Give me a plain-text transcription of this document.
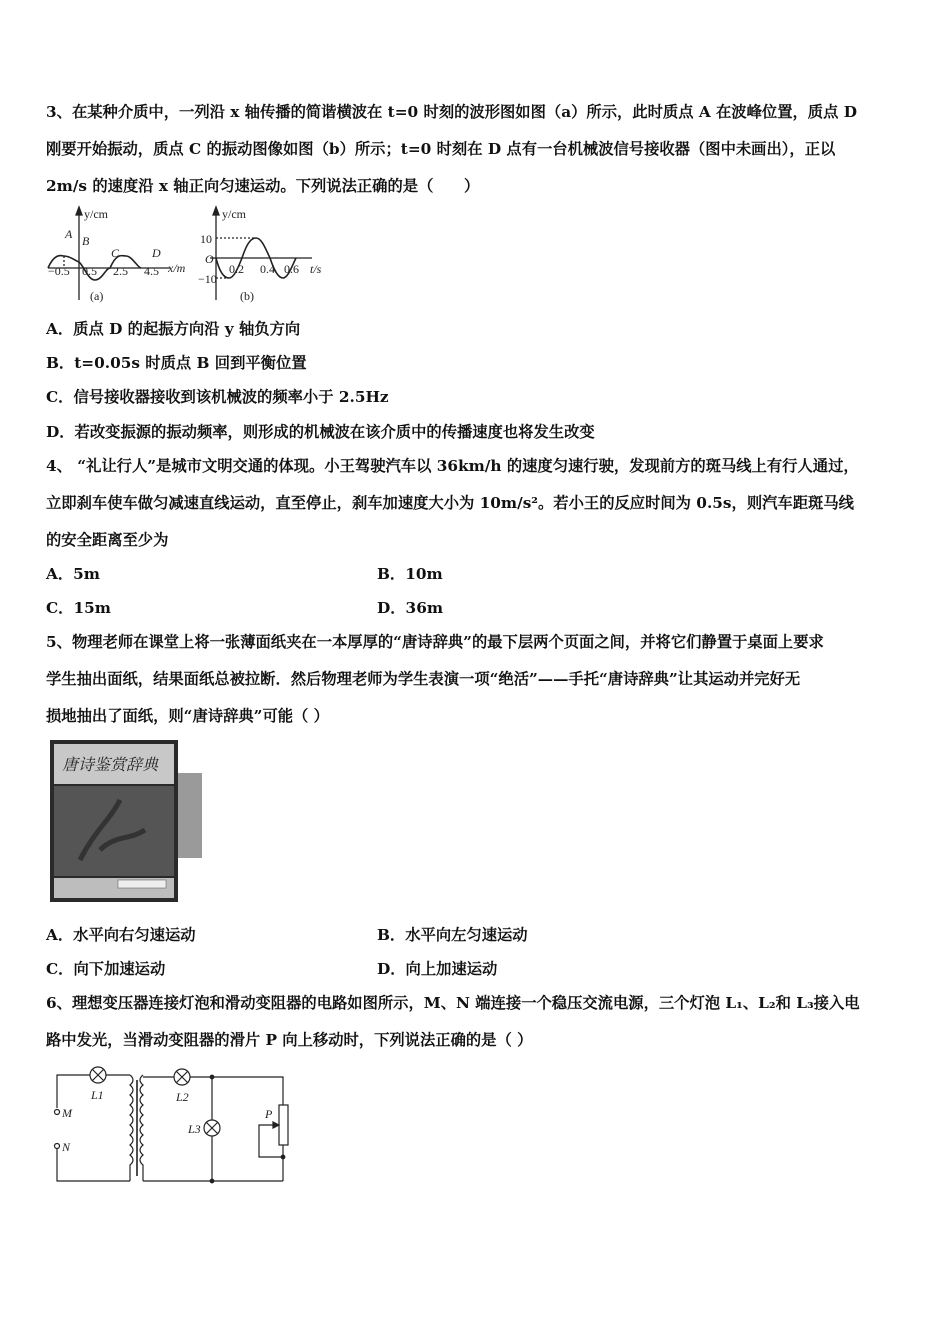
3、在某种介质中，一列沿 x 轴传播的简谐横波在 t=0 时刻的波形图如图（a）所示，此时质点 A 在波峰位置，质点 D
刚要开始振动，质点 C 的振动图像如图（b）所示；t=0 时刻在 D 点有一台机械波信号接收器（图中未画出），正以
2m/s 的速度沿 x 轴正向匀速运动。下列说法正确的是（　　）
y/cm
x/m
−0.5 0.5 2.5 4.5
A B
C	D
(a)
y/cm
10
O
−10
0.2 0.4 0.6 t/s
(b)
唐诗鉴赏辞典
L1	L2
L3
M
N
P
A．质点 D 的起振方向沿 y 轴负方向
B．t=0.05s 时质点 B 回到平衡位置
C．信号接收器接收到该机械波的频率小于 2.5Hz
D．若改变振源的振动频率，则形成的机械波在该介质中的传播速度也将发生改变
4、 “礼让行人”是城市文明交通的体现。小王驾驶汽车以 36km/h 的速度匀速行驶，发现前方的斑马线上有行人通过，
立即刹车使车做匀减速直线运动，直至停止，刹车加速度大小为 10m/s²。若小王的反应时间为 0.5s，则汽车距斑马线
的安全距离至少为
A．5m	B．10m
C．15m	D．36m
5、物理老师在课堂上将一张薄面纸夹在一本厚厚的“唐诗辞典”的最下层两个页面之间，并将它们静置于桌面上要求
学生抽出面纸，结果面纸总被拉断．然后物理老师为学生表演一项“绝活”——手托“唐诗辞典”让其运动并完好无
损地抽出了面纸，则“唐诗辞典”可能（ ）
A．水平向右匀速运动	B．水平向左匀速运动
C．向下加速运动	D．向上加速运动
6、理想变压器连接灯泡和滑动变阻器的电路如图所示，M、N 端连接一个稳压交流电源，三个灯泡 L₁、L₂和 L₃接入电
路中发光，当滑动变阻器的滑片 P 向上移动时，下列说法正确的是（ ）
